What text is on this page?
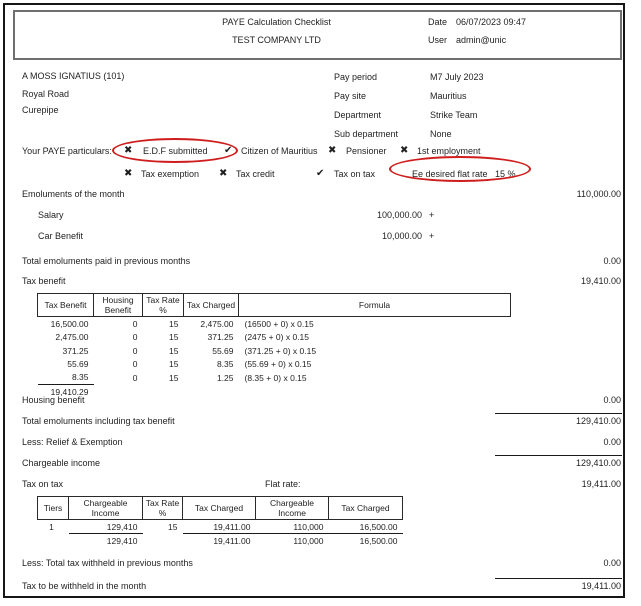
PAYE Calculation Checklist
TEST COMPANY LTD
Date 06/07/2023 09:47
User admin@unic
A MOSS IGNATIUS (101)
Royal Road
Curepipe
Pay period	M7 July 2023
Pay site	Mauritius
Department	Strike Team
Sub department	None
Your PAYE particulars: ✖ E.D.F submitted ✔ Citizen of Mauritius ✖ Pensioner ✖ 1st employment
✖ Tax exemption ✖ Tax credit	✔ Tax on tax	Ee desired flat rate 15 %
Emoluments of the month	110,000.00
Salary	100,000.00 +
Car Benefit	10,000.00 +
Total emoluments paid in previous months	0.00
Tax benefit	19,410.00
Tax Benefit	Housing Benefit	Tax Rate %	Tax Charged	Formula
16,500.00	0	15	2,475.00	(16500 + 0) x 0.15
2,475.00	0	15	371.25	(2475 + 0) x 0.15
371.25	0	15	55.69	(371.25 + 0) x 0.15
55.69	0	15	8.35	(55.69 + 0) x 0.15
8.35	0	15	1.25	(8.35 + 0) x 0.15
19,410.29				
Housing benefit	0.00
Total emoluments including tax benefit	129,410.00
Less: Relief & Exemption	0.00
Chargeable income	129,410.00
Tax on tax	Flat rate:	19,411.00
Tiers	Chargeable Income	Tax Rate %	Tax Charged	Chargeable Income	Tax Charged
1	129,410	15	19,411.00	110,000	16,500.00
	129,410		19,411.00	110,000	16,500.00
Less: Total tax withheld in previous months	0.00
Tax to be withheld in the month	19,411.00
